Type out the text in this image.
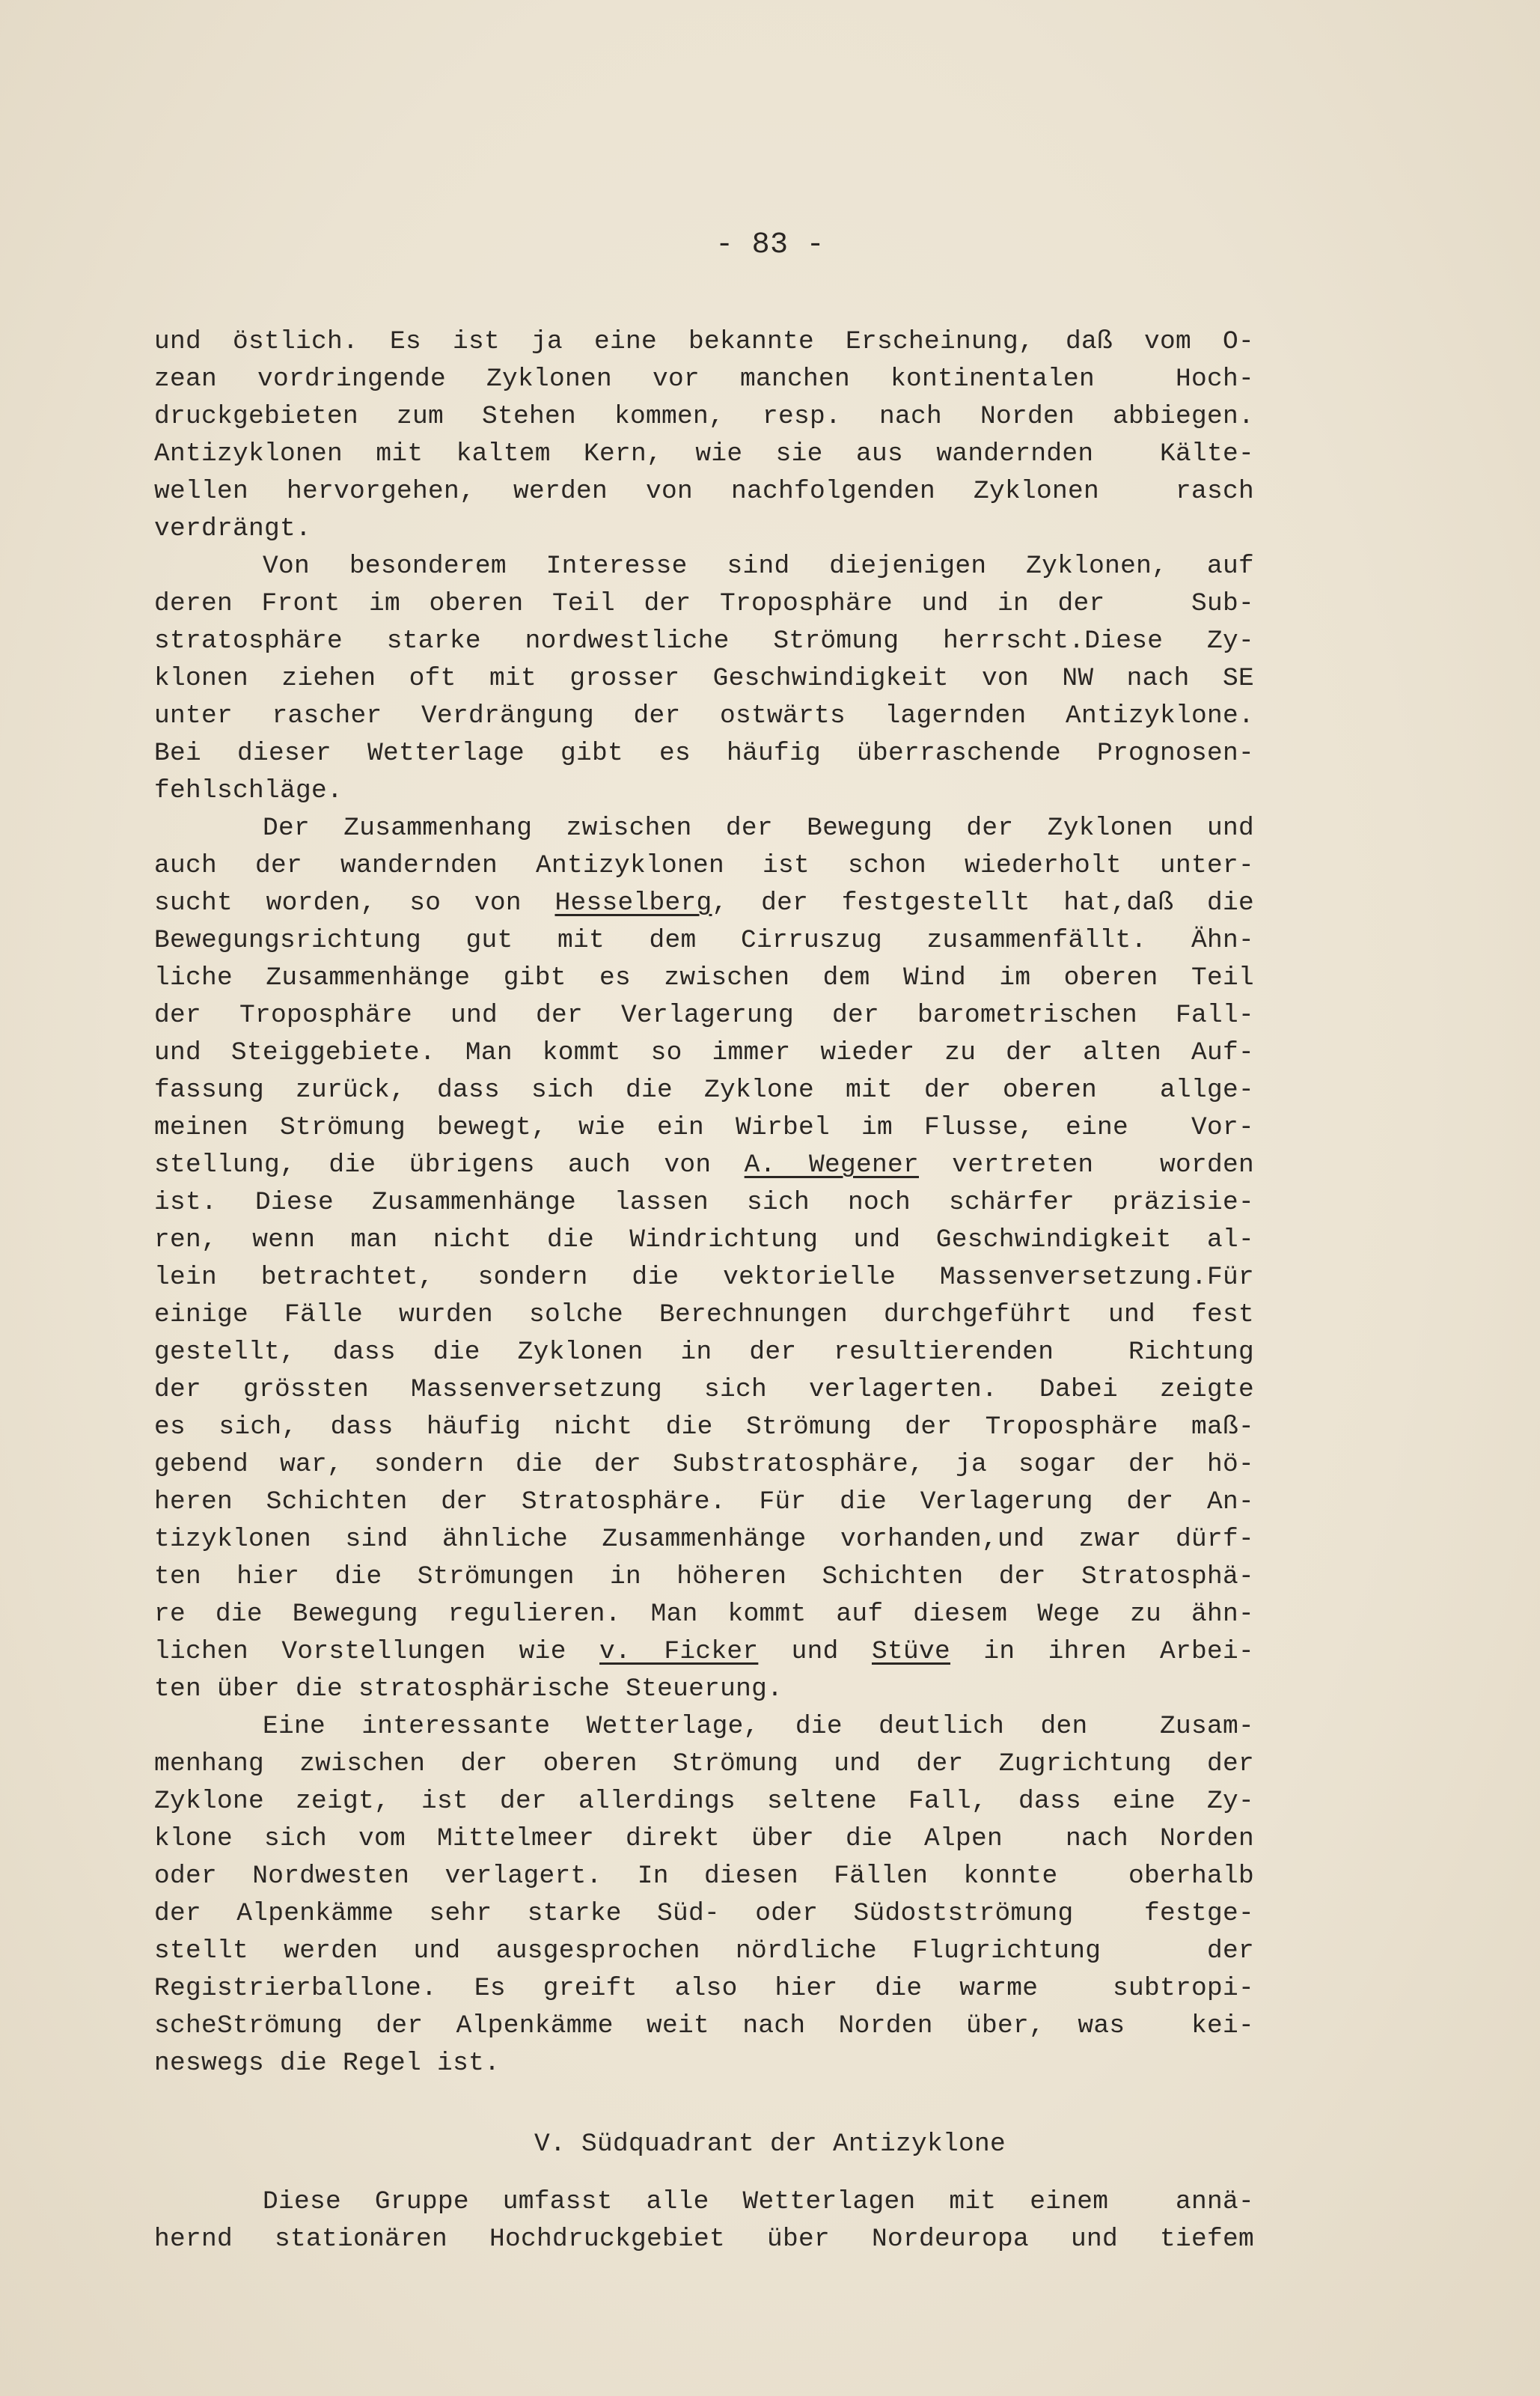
- 83 -
und östlich. Es ist ja eine bekannte Erscheinung, daß vom O-
zean vordringende Zyklonen vor manchen kontinentalen  Hoch-
druckgebieten zum Stehen kommen, resp. nach Norden abbiegen.
Antizyklonen mit kaltem Kern, wie sie aus wandernden  Kälte-
wellen hervorgehen, werden von nachfolgenden Zyklonen  rasch
verdrängt.
Von besonderem Interesse sind diejenigen Zyklonen, auf
deren Front im oberen Teil der Troposphäre und in der   Sub-
stratosphäre starke nordwestliche Strömung herrscht.Diese Zy-
klonen ziehen oft mit grosser Geschwindigkeit von NW nach SE
unter rascher Verdrängung der ostwärts lagernden Antizyklone.
Bei dieser Wetterlage gibt es häufig überraschende Prognosen-
fehlschläge.
Der Zusammenhang zwischen der Bewegung der Zyklonen und
auch der wandernden Antizyklonen ist schon wiederholt unter-
sucht worden, so von Hesselberg, der festgestellt hat,daß die
Bewegungsrichtung gut mit dem Cirruszug zusammenfällt. Ähn-
liche Zusammenhänge gibt es zwischen dem Wind im oberen Teil
der Troposphäre und der Verlagerung der barometrischen Fall-
und Steiggebiete. Man kommt so immer wieder zu der alten Auf-
fassung zurück, dass sich die Zyklone mit der oberen  allge-
meinen Strömung bewegt, wie ein Wirbel im Flusse, eine  Vor-
stellung, die übrigens auch von A. Wegener vertreten  worden
ist. Diese Zusammenhänge lassen sich noch schärfer präzisie-
ren, wenn man nicht die Windrichtung und Geschwindigkeit al-
lein betrachtet, sondern die vektorielle Massenversetzung.Für
einige Fälle wurden solche Berechnungen durchgeführt und fest
gestellt, dass die Zyklonen in der resultierenden  Richtung
der grössten Massenversetzung sich verlagerten. Dabei zeigte
es sich, dass häufig nicht die Strömung der Troposphäre maß-
gebend war, sondern die der Substratosphäre, ja sogar der hö-
heren Schichten der Stratosphäre. Für die Verlagerung der An-
tizyklonen sind ähnliche Zusammenhänge vorhanden,und zwar dürf-
ten hier die Strömungen in höheren Schichten der Stratosphä-
re die Bewegung regulieren. Man kommt auf diesem Wege zu ähn-
lichen Vorstellungen wie v. Ficker und Stüve in ihren Arbei-
ten über die stratosphärische Steuerung.
Eine interessante Wetterlage, die deutlich den  Zusam-
menhang zwischen der oberen Strömung und der Zugrichtung der
Zyklone zeigt, ist der allerdings seltene Fall, dass eine Zy-
klone sich vom Mittelmeer direkt über die Alpen  nach Norden
oder Nordwesten verlagert. In diesen Fällen konnte  oberhalb
der Alpenkämme sehr starke Süd- oder Südostströmung  festge-
stellt werden und ausgesprochen nördliche Flugrichtung   der
Registrierballone. Es greift also hier die warme  subtropi-
scheStrömung der Alpenkämme weit nach Norden über, was  kei-
neswegs die Regel ist.
V. Südquadrant der Antizyklone
Diese Gruppe umfasst alle Wetterlagen mit einem  annä-
hernd stationären Hochdruckgebiet über Nordeuropa und tiefem
